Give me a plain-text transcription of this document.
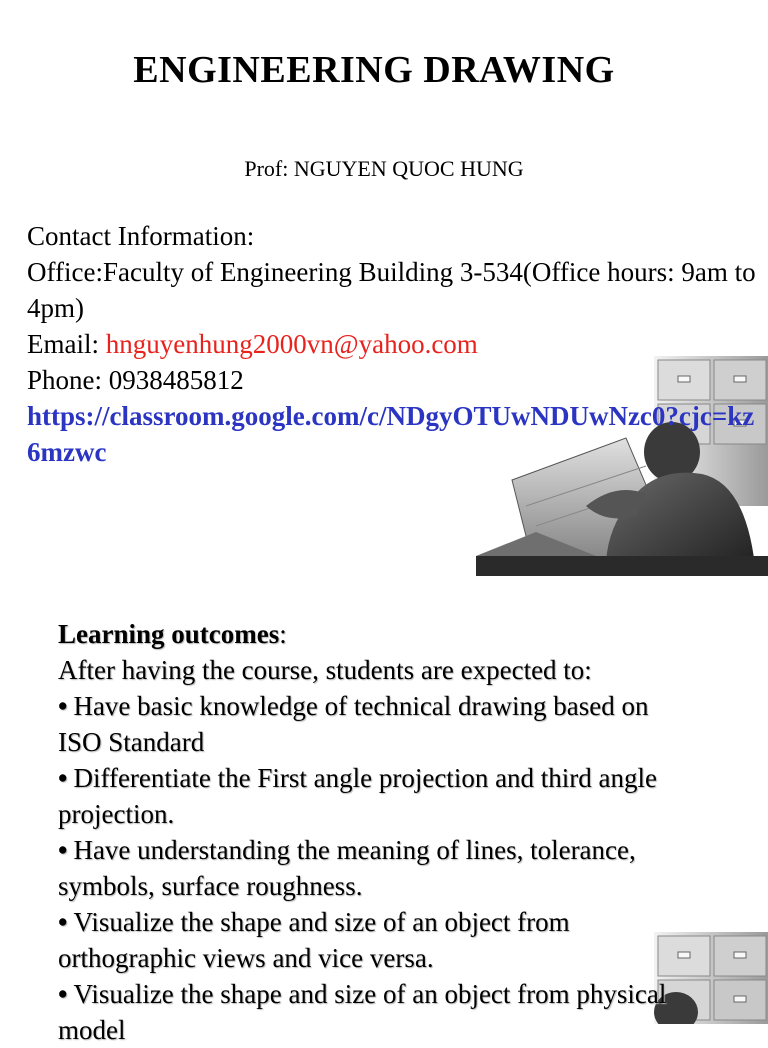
ENGINEERING DRAWING
Prof: NGUYEN QUOC HUNG
Contact Information:
Office:Faculty of Engineering Building 3-534(Office hours: 9am to 4pm)
Email: hnguyenhung2000vn@yahoo.com
Phone: 0938485812
https://classroom.google.com/c/NDgyOTUwNDUwNzc0?cjc=kz6mzwc
Learning outcomes:
After having the course, students are expected to:
• Have basic knowledge of technical drawing based on ISO Standard
• Differentiate the First angle projection and third angle projection.
• Have understanding the meaning of lines, tolerance, symbols, surface roughness.
• Visualize the shape and size of an object from orthographic views and vice versa.
• Visualize the shape and size of an object from physical model
